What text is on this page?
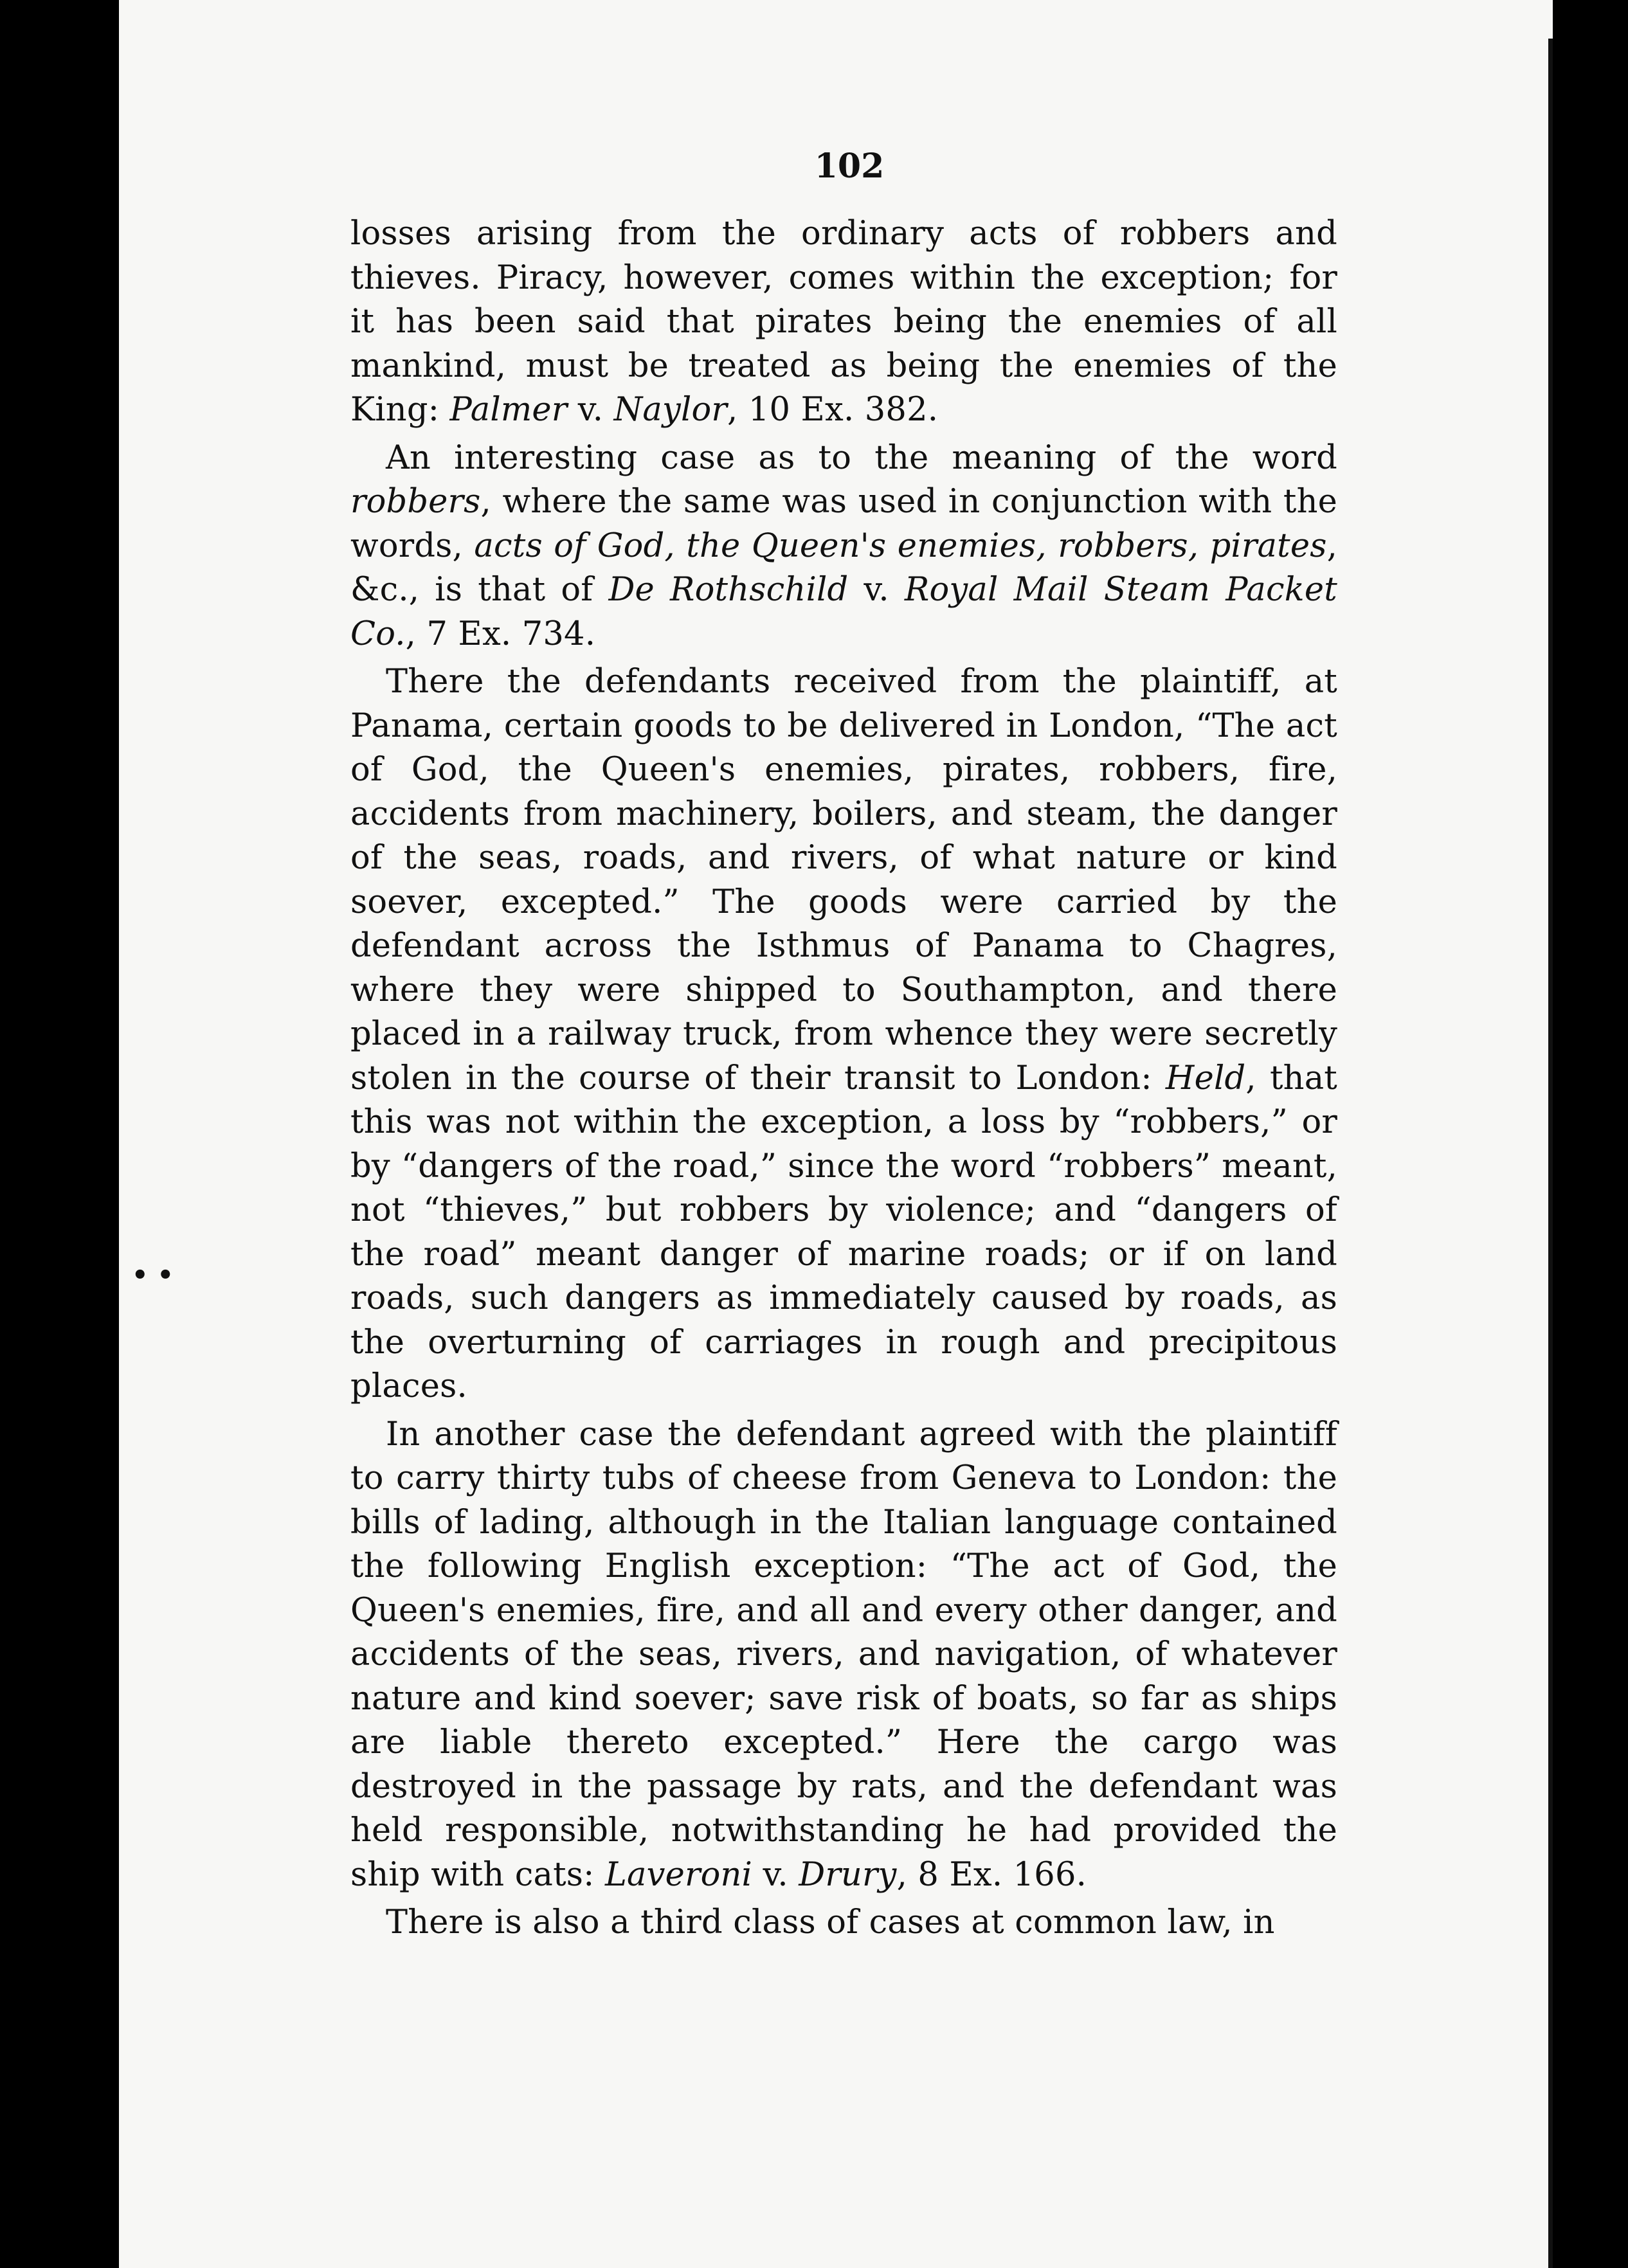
102

losses arising from the ordinary acts of robbers and thieves. Piracy, however, comes within the exception; for it has been said that pirates being the enemies of all mankind, must be treated as being the enemies of the King: Palmer v. Naylor, 10 Ex. 382.

An interesting case as to the meaning of the word robbers, where the same was used in conjunction with the words, acts of God, the Queen's enemies, robbers, pirates, &c., is that of De Rothschild v. Royal Mail Steam Packet Co., 7 Ex. 734.

There the defendants received from the plaintiff, at Panama, certain goods to be delivered in London, “The act of God, the Queen's enemies, pirates, robbers, fire, accidents from machinery, boilers, and steam, the danger of the seas, roads, and rivers, of what nature or kind soever, excepted.” The goods were carried by the defendant across the Isthmus of Panama to Chagres, where they were shipped to Southampton, and there placed in a railway truck, from whence they were secretly stolen in the course of their transit to London: Held, that this was not within the exception, a loss by “robbers,” or by “dangers of the road,” since the word “robbers” meant, not “thieves,” but robbers by violence; and “dangers of the road” meant danger of marine roads; or if on land roads, such dangers as immediately caused by roads, as the overturning of carriages in rough and precipitous places.

In another case the defendant agreed with the plaintiff to carry thirty tubs of cheese from Geneva to London: the bills of lading, although in the Italian language contained the following English exception: “The act of God, the Queen's enemies, fire, and all and every other danger, and accidents of the seas, rivers, and navigation, of whatever nature and kind soever; save risk of boats, so far as ships are liable thereto excepted.” Here the cargo was destroyed in the passage by rats, and the defendant was held responsible, notwithstanding he had provided the ship with cats: Laveroni v. Drury, 8 Ex. 166.

There is also a third class of cases at common law, in

• •
